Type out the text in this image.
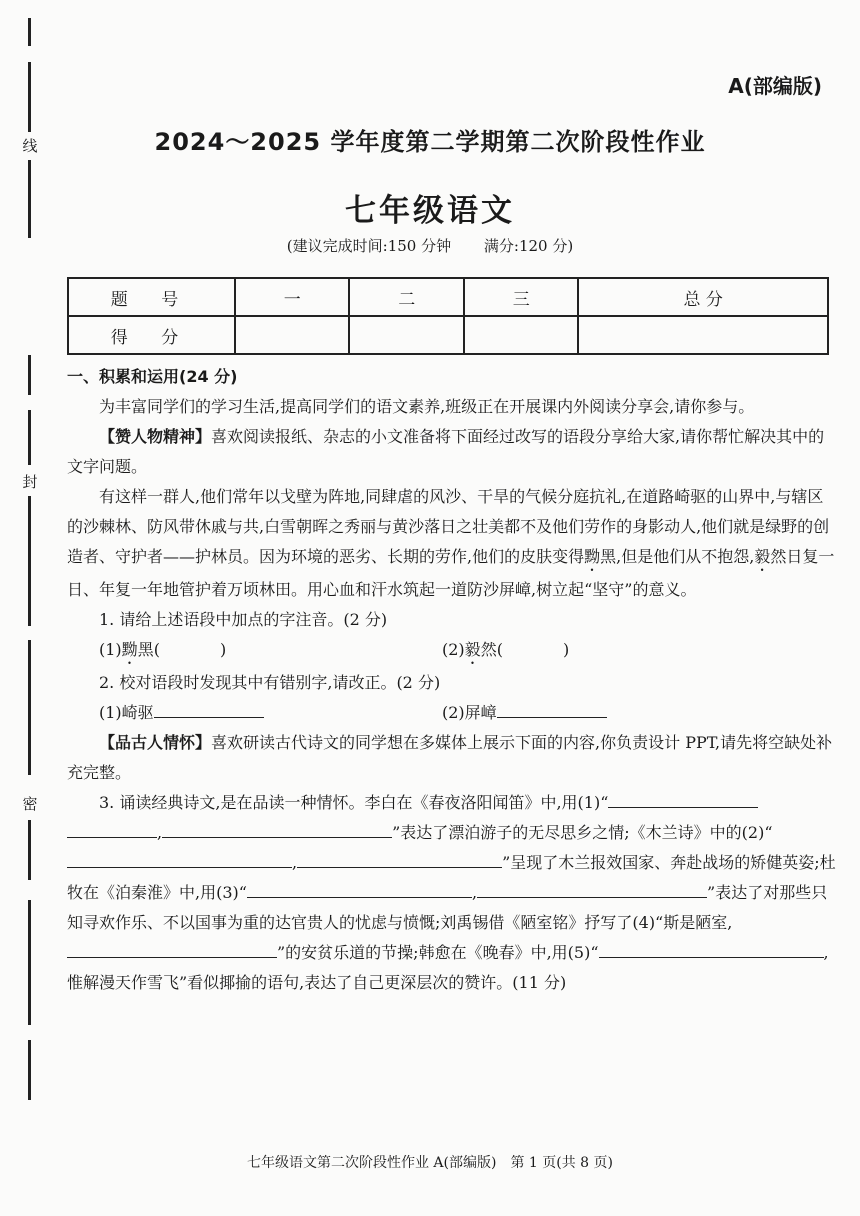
线
封
密
A(部编版)
2024～2025 学年度第二学期第二次阶段性作业
七年级语文
(建议完成时间:150 分钟 满分:120 分)
题 号	一	二	三	总 分
得 分				

一、积累和运用(24 分)

为丰富同学们的学习生活,提高同学们的语文素养,班级正在开展课内外阅读分享会,请你参与。

【赞人物精神】喜欢阅读报纸、杂志的小文准备将下面经过改写的语段分享给大家,请你帮忙解决其中的文字问题。

有这样一群人,他们常年以戈壁为阵地,同肆虐的风沙、干旱的气候分庭抗礼,在道路崎驱的山界中,与辖区的沙棘林、防风带休戚与共,白雪朝晖之秀丽与黄沙落日之壮美都不及他们劳作的身影动人,他们就是绿野的创造者、守护者——护林员。因为环境的恶劣、长期的劳作,他们的皮肤变得黝黑,但是他们从不抱怨,毅然日复一日、年复一年地管护着万顷林田。用心血和汗水筑起一道防沙屏嶂,树立起“坚守”的意义。

1. 请给上述语段中加点的字注音。(2 分)

(1)黝黑(	)	(2)毅然(	)

2. 校对语段时发现其中有错别字,请改正。(2 分)

(1)崎驱	(2)屏嶂

【品古人情怀】喜欢研读古代诗文的同学想在多媒体上展示下面的内容,你负责设计 PPT,请先将空缺处补充完整。

3. 诵读经典诗文,是在品读一种情怀。李白在《春夜洛阳闻笛》中,用(1)“,	”表达了漂泊游子的无尽思乡之情;《木兰诗》中的(2)“,	”呈现了木兰报效国家、奔赴战场的矫健英姿;杜牧在《泊秦淮》中,用(3)“	,	”表达了对那些只知寻欢作乐、不以国事为重的达官贵人的忧虑与愤慨;刘禹锡借《陋室铭》抒写了(4)“斯是陋室,”的安贫乐道的节操;韩愈在《晚春》中,用(5)“	,惟解漫天作雪飞”看似揶揄的语句,表达了自己更深层次的赞许。(11 分)

七年级语文第二次阶段性作业 A(部编版)　第 1 页(共 8 页)
